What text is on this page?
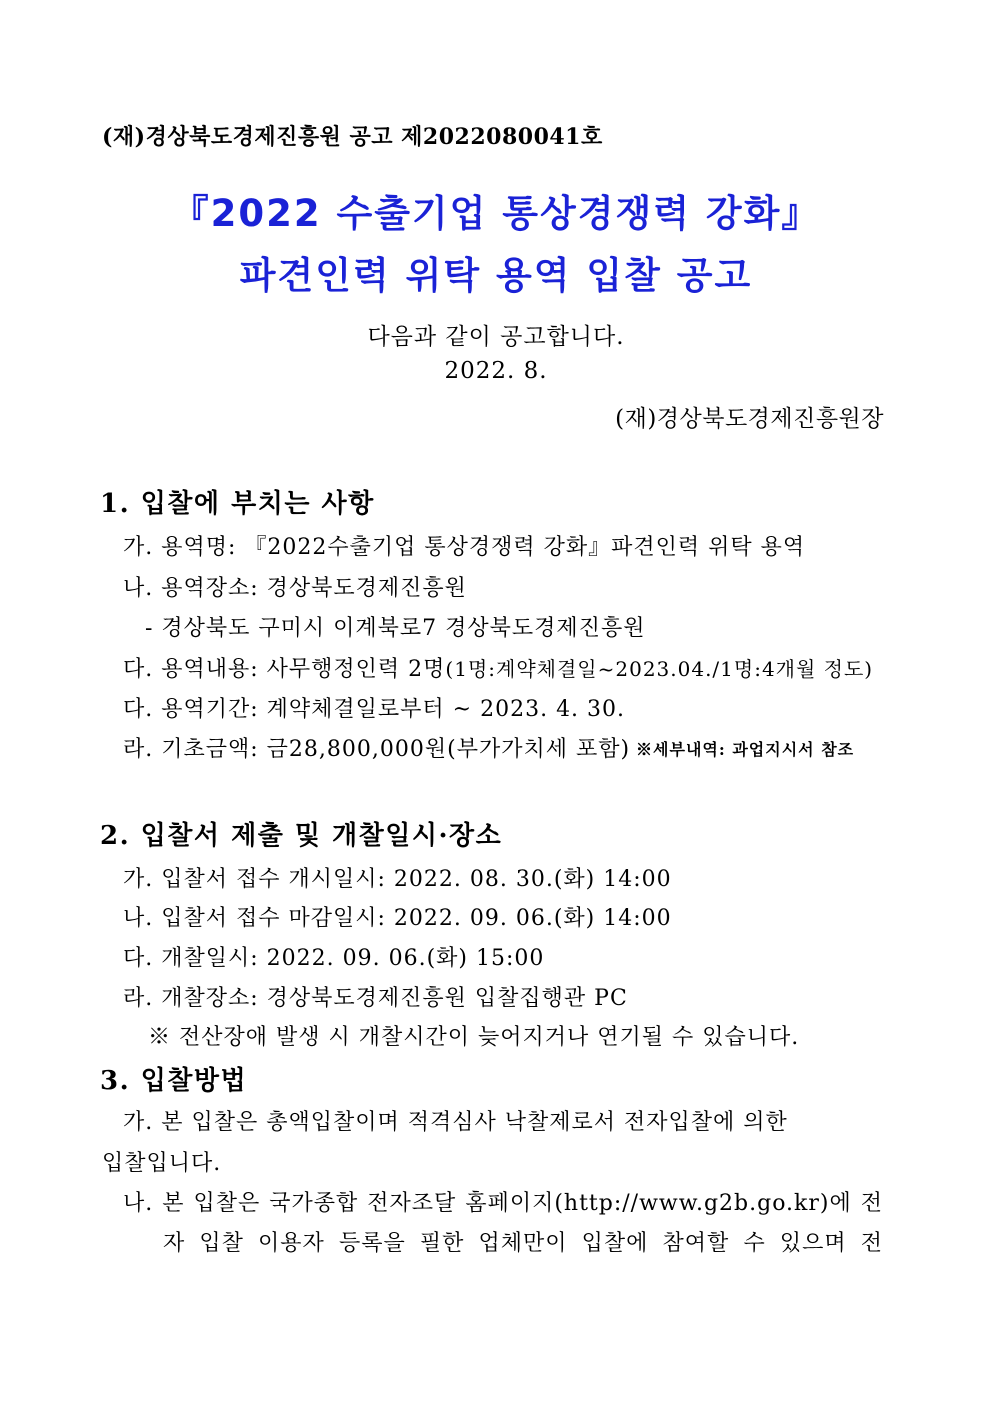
(재)경상북도경제진흥원 공고 제2022080041호
『2022 수출기업 통상경쟁력 강화』
파견인력 위탁 용역 입찰 공고
다음과 같이 공고합니다.
2022. 8.
(재)경상북도경제진흥원장
1. 입찰에 부치는 사항
가. 용역명: 『2022수출기업 통상경쟁력 강화』파견인력 위탁 용역
나. 용역장소: 경상북도경제진흥원
- 경상북도 구미시 이계북로7 경상북도경제진흥원
다. 용역내용: 사무행정인력 2명(1명:계약체결일~2023.04./1명:4개월 정도)
다. 용역기간: 계약체결일로부터 ~ 2023. 4. 30.
라. 기초금액: 금28,800,000원(부가가치세 포함) ※세부내역: 과업지시서 참조
2. 입찰서 제출 및 개찰일시·장소
가. 입찰서 접수 개시일시: 2022. 08. 30.(화) 14:00
나. 입찰서 접수 마감일시: 2022. 09. 06.(화) 14:00
다. 개찰일시: 2022. 09. 06.(화) 15:00
라. 개찰장소: 경상북도경제진흥원 입찰집행관 PC
※ 전산장애 발생 시 개찰시간이 늦어지거나 연기될 수 있습니다.
3. 입찰방법
가. 본 입찰은 총액입찰이며 적격심사 낙찰제로서 전자입찰에 의한
입찰입니다.
나. 본 입찰은 국가종합 전자조달 홈페이지(http://www.g2b.go.kr)에 전
자 입찰 이용자 등록을 필한 업체만이 입찰에 참여할 수 있으며 전
